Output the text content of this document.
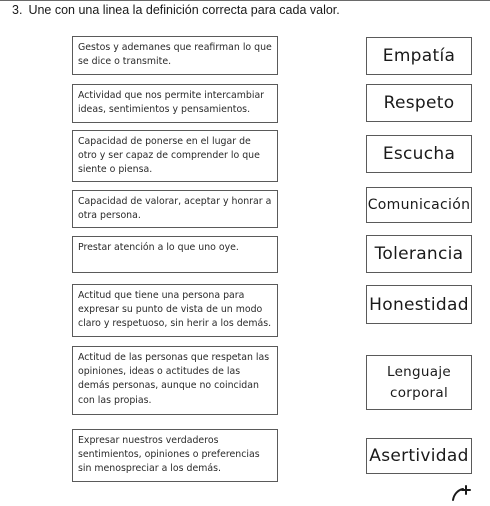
3. Une con una linea la definición correcta para cada valor.
Gestos y ademanes que reafirman lo que se dice o transmite.
Actividad que nos permite intercambiar ideas, sentimientos y pensamientos.
Capacidad de ponerse en el lugar de otro y ser capaz de comprender lo que siente o piensa.
Capacidad de valorar, aceptar y honrar a otra persona.
Prestar atención a lo que uno oye.
Actitud que tiene una persona para expresar su punto de vista de un modo claro y respetuoso, sin herir a los demás.
Actitud de las personas que respetan las opiniones, ideas o actitudes de las demás personas, aunque no coincidan con las propias.
Expresar nuestros verdaderos sentimientos, opiniones o preferencias sin menospreciar a los demás.
Empatía
Respeto
Escucha
Comunicación
Tolerancia
Honestidad
Lenguaje
corporal
Asertividad
